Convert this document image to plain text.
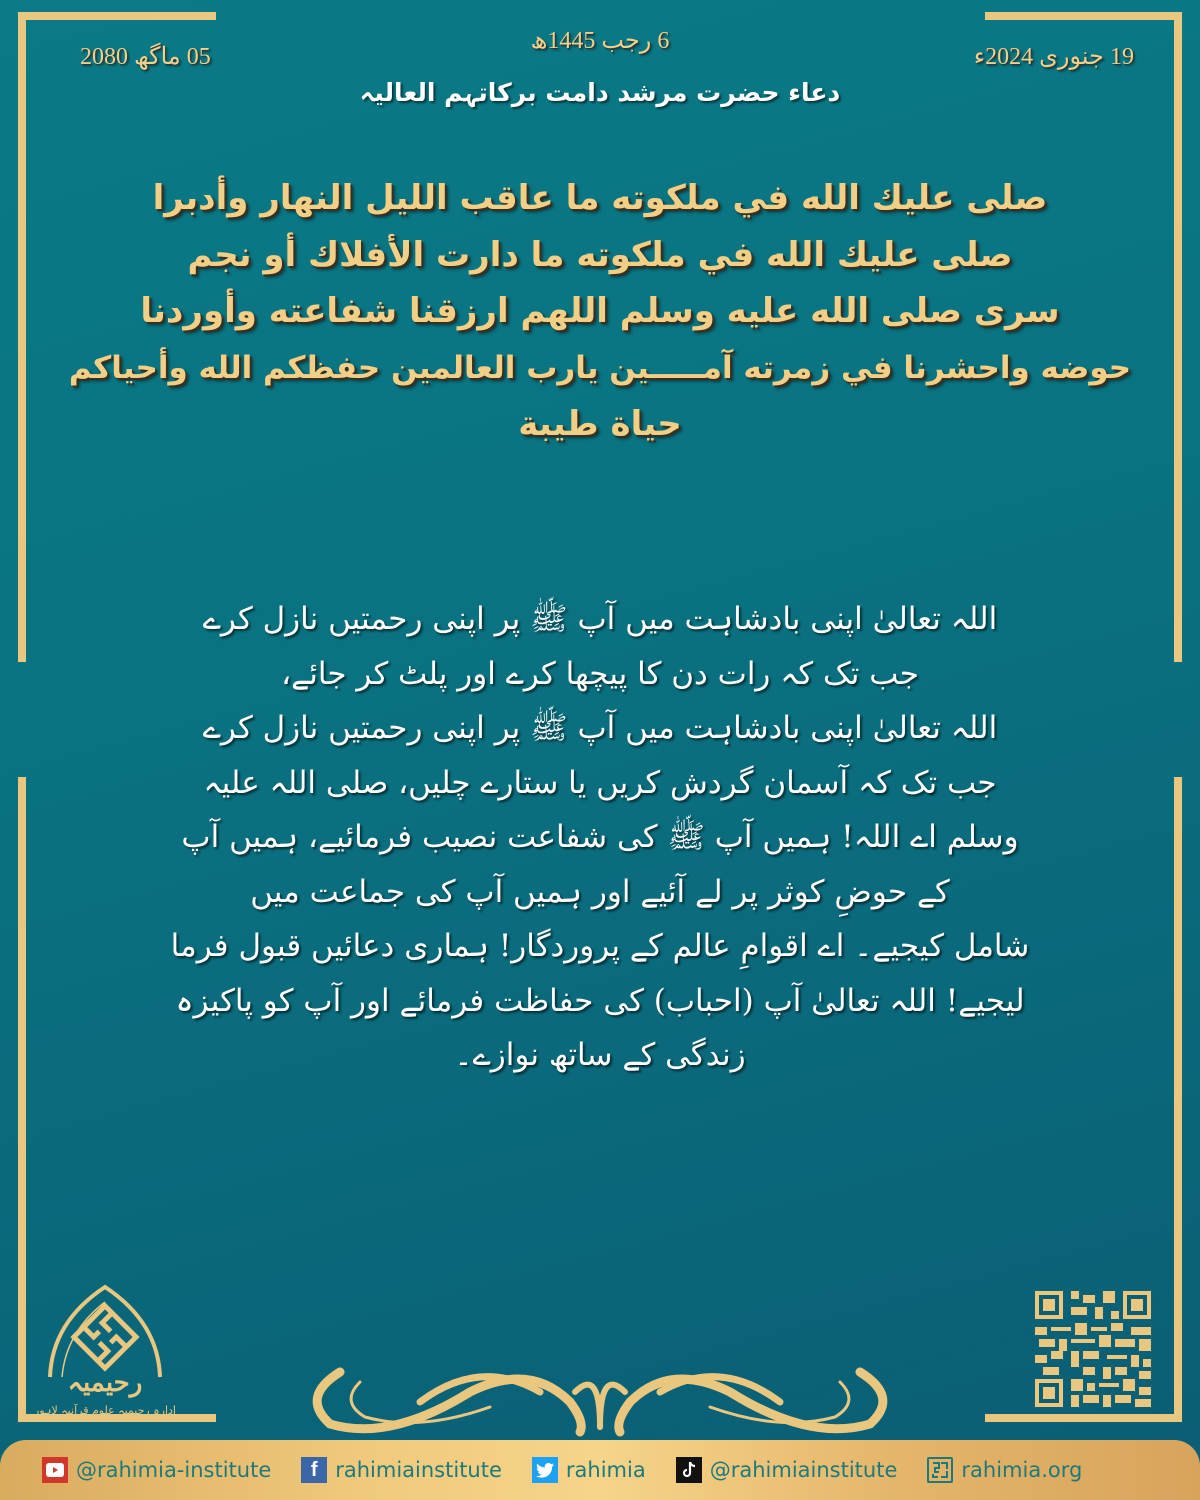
05 ماگھ 2080
6 رجب 1445ھ
19 جنوری 2024ء
دعاء حضرت مرشد دامت برکاتہم العالیہ
صلى عليك الله في ملكوته ما عاقب الليل النهار وأدبرا
صلى عليك الله في ملكوته ما دارت الأفلاك أو نجم
سرى صلى الله عليه وسلم اللهم ارزقنا شفاعته وأوردنا
حوضه واحشرنا في زمرته آمـــــين يارب العالمين حفظكم الله وأحياكم
حياة طيبة
اللہ تعالیٰ اپنی بادشاہت میں آپ ﷺ پر اپنی رحمتیں نازل کرے
جب تک کہ رات دن کا پیچھا کرے اور پلٹ کر جائے،
اللہ تعالیٰ اپنی بادشاہت میں آپ ﷺ پر اپنی رحمتیں نازل کرے
جب تک کہ آسمان گردش کریں یا ستارے چلیں، صلی اللہ علیہ
وسلم اے اللہ! ہمیں آپ ﷺ کی شفاعت نصیب فرمائیے، ہمیں آپ
کے حوضِ کوثر پر لے آئیے اور ہمیں آپ کی جماعت میں
شامل کیجیے۔ اے اقوامِ عالم کے پروردگار! ہماری دعائیں قبول فرما
لیجیے! اللہ تعالیٰ آپ (احباب) کی حفاظت فرمائے اور آپ کو پاکیزہ
زندگی کے ساتھ نوازے۔
رحیمیہ
ادارہ رحیمیہ علوم قرآنیہ لاہور
@rahimia-institute	f rahimiainstitute	rahimia	@rahimiainstitute	rahimia.org
